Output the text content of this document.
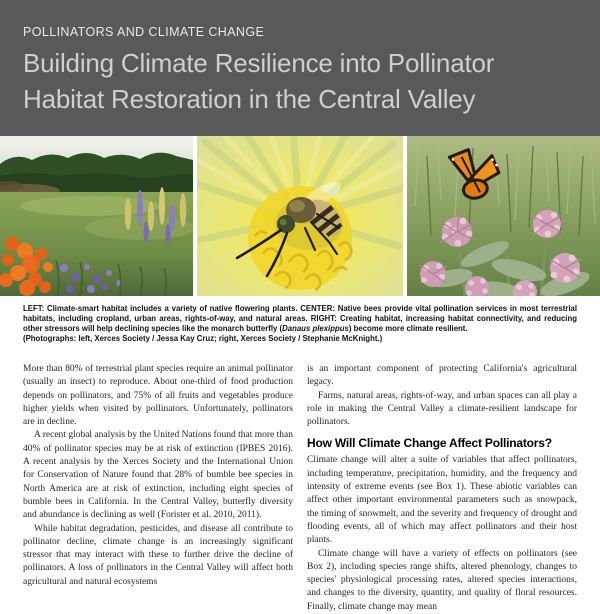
POLLINATORS AND CLIMATE CHANGE
Building Climate Resilience into Pollinator
Habitat Restoration in the Central Valley

LEFT: Climate-smart habitat includes a variety of native flowering plants. CENTER: Native bees provide vital pollination services in most terrestrial habitats, including cropland, urban areas, rights-of-way, and natural areas. RIGHT: Creating habitat, increasing habitat connectivity, and reducing other stressors will help declining species like the monarch butterfly (Danaus plexippus) become more climate resilient.

(Photographs: left, Xerces Society / Jessa Kay Cruz; right, Xerces Society / Stephanie McKnight.)

More than 80% of terrestrial plant species require an animal pollinator (usually an insect) to reproduce. About one-third of food production depends on pollinators, and 75% of all fruits and vegetables produce higher yields when visited by pollinators. Unfortunately, pollinators are in decline.

A recent global analysis by the United Nations found that more than 40% of pollinator species may be at risk of extinction (IPBES 2016). A recent analysis by the Xerces Society and the International Union for Conservation of Nature found that 28% of bumble bee species in North America are at risk of extinction, including eight species of bumble bees in California. In the Central Valley, butterfly diversity and abundance is declining as well (Forister et al. 2010, 2011).

While habitat degradation, pesticides, and disease all contribute to pollinator decline, climate change is an increasingly significant stressor that may interact with these to further drive the decline of pollinators. A loss of pollinators in the Central Valley will affect both agricultural and natural ecosystems

is an important component of protecting California's agricultural legacy.

Farms, natural areas, rights-of-way, and urban spaces can all play a role in making the Central Valley a climate-resilient landscape for pollinators.

How Will Climate Change Affect Pollinators?

Climate change will alter a suite of variables that affect pollinators, including temperature, precipitation, humidity, and the frequency and intensity of extreme events (see Box 1). These abiotic variables can affect other important environmental parameters such as snowpack, the timing of snowmelt, and the severity and frequency of drought and flooding events, all of which may affect pollinators and their host plants.

Climate change will have a variety of effects on pollinators (see Box 2), including species range shifts, altered phenology, changes to species' physiological processing rates, altered species interactions, and changes to the diversity, quantity, and quality of floral resources. Finally, climate change may mean
